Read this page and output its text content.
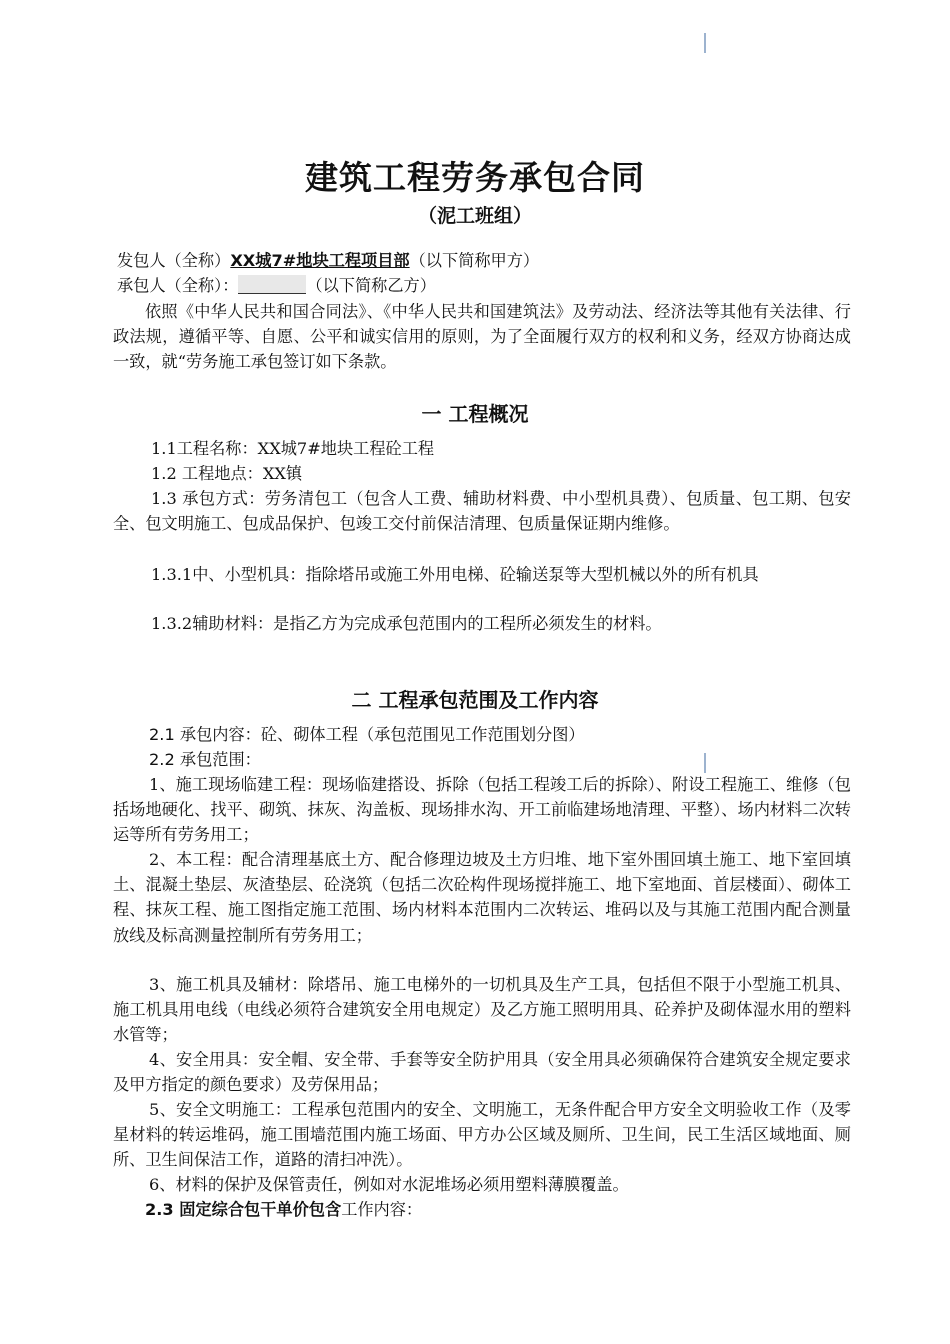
建筑工程劳务承包合同
（泥工班组）
发包人（全称）XX城7#地块工程项目部（以下简称甲方）
承包人（全称）：	（以下简称乙方）
依照《中华人民共和国合同法》、《中华人民共和国建筑法》及劳动法、经济法等其他有关法律、行政法规，遵循平等、自愿、公平和诚实信用的原则，为了全面履行双方的权利和义务，经双方协商达成一致，就“劳务施工承包签订如下条款。
一 工程概况
1.1工程名称：XX城7#地块工程砼工程
1.2 工程地点：XX镇
1.3 承包方式：劳务清包工（包含人工费、辅助材料费、中小型机具费）、包质量、包工期、包安全、包文明施工、包成品保护、包竣工交付前保洁清理、包质量保证期内维修。
1.3.1中、小型机具：指除塔吊或施工外用电梯、砼输送泵等大型机械以外的所有机具
1.3.2辅助材料：是指乙方为完成承包范围内的工程所必须发生的材料。
二 工程承包范围及工作内容
2.1 承包内容：砼、砌体工程（承包范围见工作范围划分图）
2.2 承包范围：
1、施工现场临建工程：现场临建搭设、拆除（包括工程竣工后的拆除）、附设工程施工、维修（包括场地硬化、找平、砌筑、抹灰、沟盖板、现场排水沟、开工前临建场地清理、平整）、场内材料二次转运等所有劳务用工；
2、本工程：配合清理基底土方、配合修理边坡及土方归堆、地下室外围回填土施工、地下室回填土、混凝土垫层、灰渣垫层、砼浇筑（包括二次砼构件现场搅拌施工、地下室地面、首层楼面）、砌体工程、抹灰工程、施工图指定施工范围、场内材料本范围内二次转运、堆码以及与其施工范围内配合测量放线及标高测量控制所有劳务用工；
3、施工机具及辅材：除塔吊、施工电梯外的一切机具及生产工具，包括但不限于小型施工机具、施工机具用电线（电线必须符合建筑安全用电规定）及乙方施工照明用具、砼养护及砌体湿水用的塑料水管等；
4、安全用具：安全帽、安全带、手套等安全防护用具（安全用具必须确保符合建筑安全规定要求及甲方指定的颜色要求）及劳保用品；
5、安全文明施工：工程承包范围内的安全、文明施工，无条件配合甲方安全文明验收工作（及零星材料的转运堆码，施工围墙范围内施工场面、甲方办公区域及厕所、卫生间，民工生活区域地面、厕所、卫生间保洁工作，道路的清扫冲洗）。
6、材料的保护及保管责任，例如对水泥堆场必须用塑料薄膜覆盖。
2.3 固定综合包干单价包含工作内容：
